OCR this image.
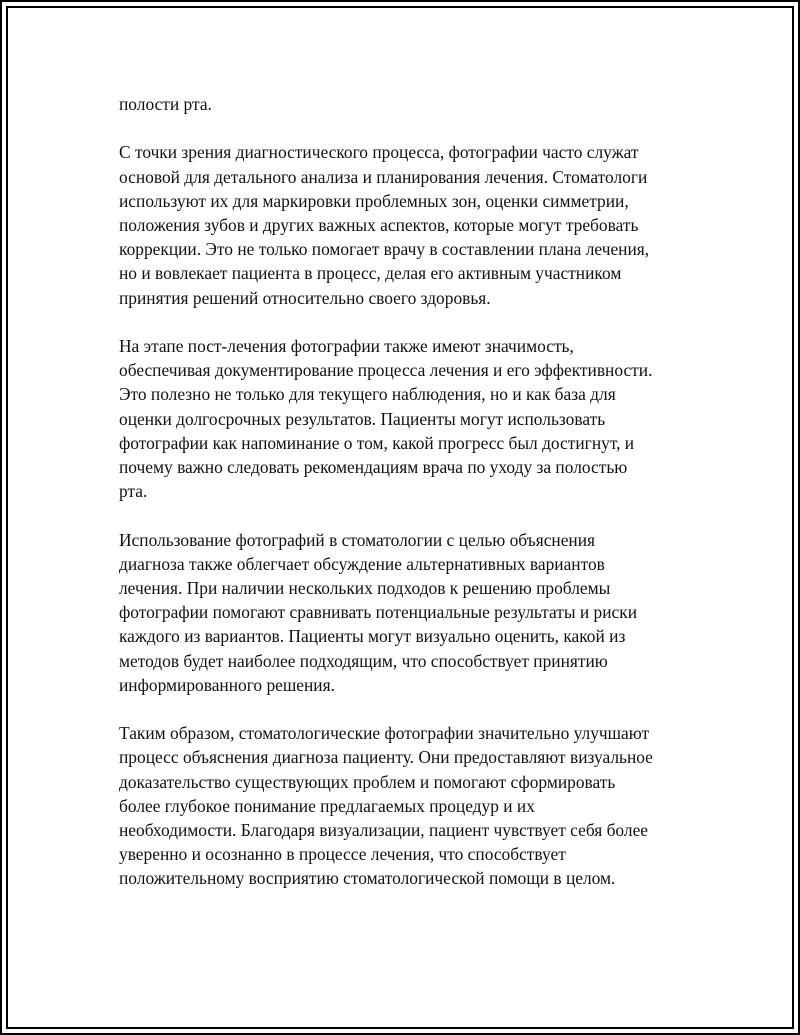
полости рта.

С точки зрения диагностического процесса, фотографии часто служат
основой для детального анализа и планирования лечения. Стоматологи
используют их для маркировки проблемных зон, оценки симметрии,
положения зубов и других важных аспектов, которые могут требовать
коррекции. Это не только помогает врачу в составлении плана лечения,
но и вовлекает пациента в процесс, делая его активным участником
принятия решений относительно своего здоровья.

На этапе пост-лечения фотографии также имеют значимость,
обеспечивая документирование процесса лечения и его эффективности.
Это полезно не только для текущего наблюдения, но и как база для
оценки долгосрочных результатов. Пациенты могут использовать
фотографии как напоминание о том, какой прогресс был достигнут, и
почему важно следовать рекомендациям врача по уходу за полостью
рта.

Использование фотографий в стоматологии с целью объяснения
диагноза также облегчает обсуждение альтернативных вариантов
лечения. При наличии нескольких подходов к решению проблемы
фотографии помогают сравнивать потенциальные результаты и риски
каждого из вариантов. Пациенты могут визуально оценить, какой из
методов будет наиболее подходящим, что способствует принятию
информированного решения.

Таким образом, стоматологические фотографии значительно улучшают
процесс объяснения диагноза пациенту. Они предоставляют визуальное
доказательство существующих проблем и помогают сформировать
более глубокое понимание предлагаемых процедур и их
необходимости. Благодаря визуализации, пациент чувствует себя более
уверенно и осознанно в процессе лечения, что способствует
положительному восприятию стоматологической помощи в целом.
